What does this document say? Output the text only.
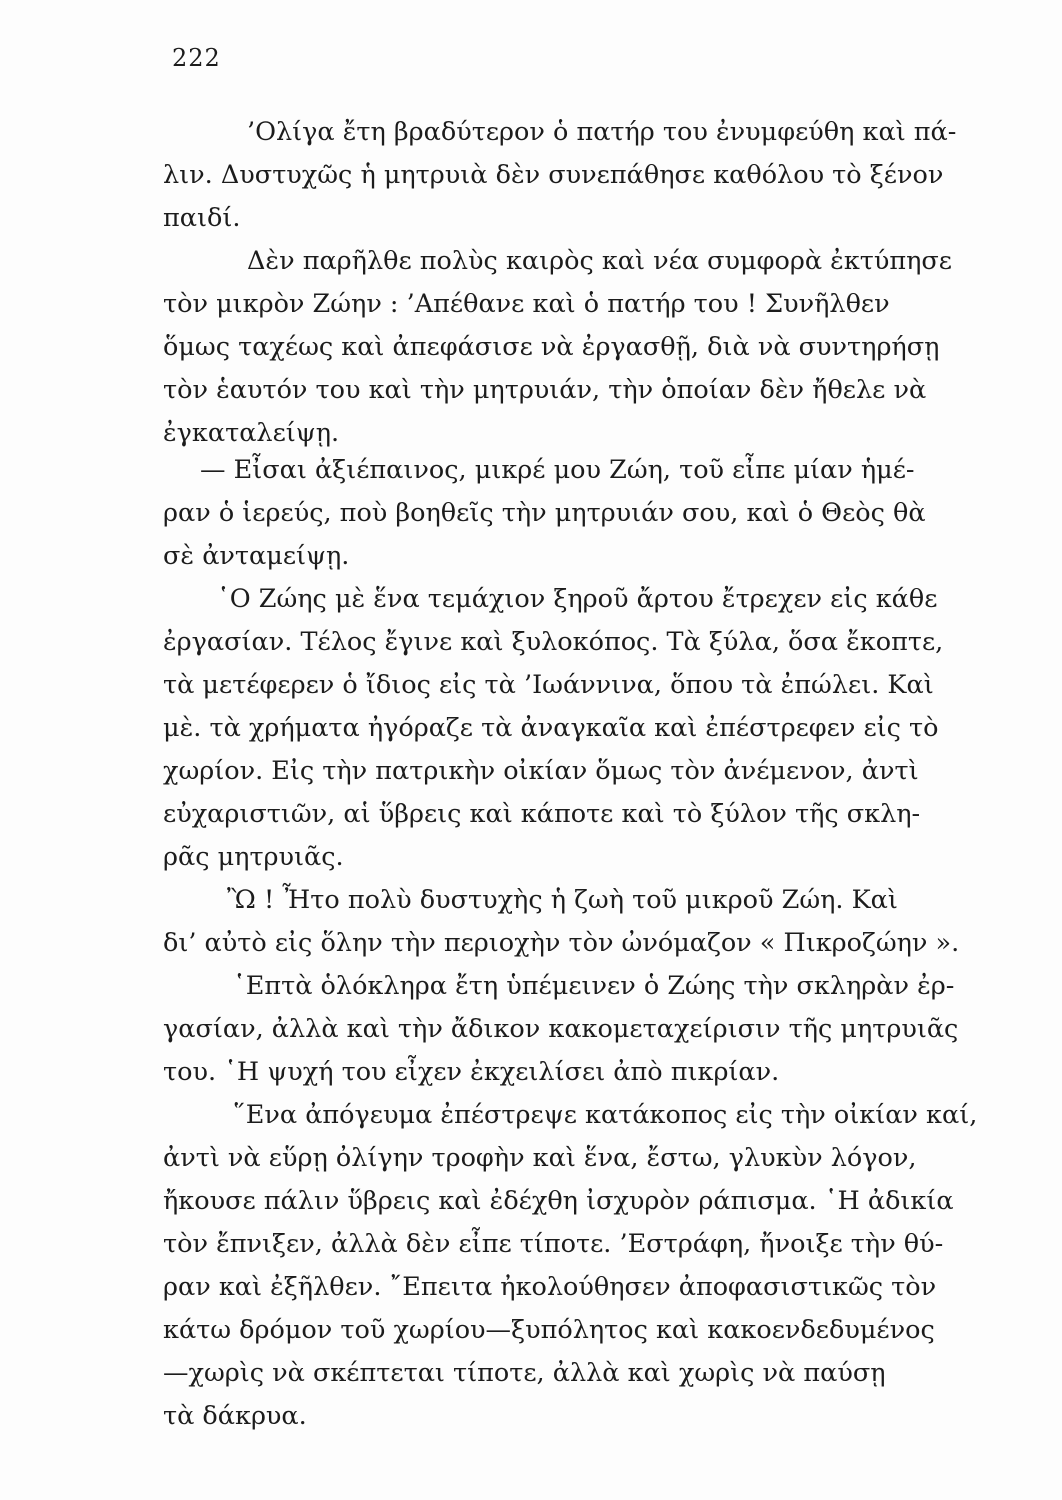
222
’Ολίγα ἔτη βραδύτερον ὁ πατήρ του ἐνυμφεύθη καὶ πά-
λιν. Δυστυχῶς ἡ μητρυιὰ δὲν συνεπάθησε καθόλου τὸ ξένον
παιδί.
Δὲν παρῆλθε πολὺς καιρὸς καὶ νέα συμφορὰ ἐκτύπησε
τὸν μικρὸν Ζώην : ’Απέθανε καὶ ὁ πατήρ του ! Συνῆλθεν
ὅμως ταχέως καὶ ἀπεφάσισε νὰ ἐργασθῇ, διὰ νὰ συντηρήσῃ
τὸν ἑαυτόν του καὶ τὴν μητρυιάν, τὴν ὁποίαν δὲν ἤθελε νὰ
ἐγκαταλείψῃ.
— Εἶσαι ἀξιέπαινος, μικρέ μου Ζώη, τοῦ εἶπε μίαν ἡμέ-
ραν ὁ ἱερεύς, ποὺ βοηθεῖς τὴν μητρυιάν σου, καὶ ὁ Θεὸς θὰ
σὲ ἀνταμείψῃ.
῾Ο Ζώης μὲ ἕνα τεμάχιον ξηροῦ ἄρτου ἔτρεχεν εἰς κάθε
ἐργασίαν. Τέλος ἔγινε καὶ ξυλοκόπος. Τὰ ξύλα, ὅσα ἔκοπτε,
τὰ μετέφερεν ὁ ἴδιος εἰς τὰ ’Ιωάννινα, ὅπου τὰ ἐπώλει. Καὶ
μὲ. τὰ χρήματα ἠγόραζε τὰ ἀναγκαῖα καὶ ἐπέστρεφεν εἰς τὸ
χωρίον. Εἰς τὴν πατρικὴν οἰκίαν ὅμως τὸν ἀνέμενον, ἀντὶ
εὐχαριστιῶν, αἱ ὕβρεις καὶ κάποτε καὶ τὸ ξύλον τῆς σκλη-
ρᾶς μητρυιᾶς.
Ὢ ! Ἦτο πολὺ δυστυχὴς ἡ ζωὴ τοῦ μικροῦ Ζώη. Καὶ
δι’ αὐτὸ εἰς ὅλην τὴν περιοχὴν τὸν ὠνόμαζον « Πικροζώην ».
῾Επτὰ ὁλόκληρα ἔτη ὑπέμεινεν ὁ Ζώης τὴν σκληρὰν ἐρ-
γασίαν, ἀλλὰ καὶ τὴν ἄδικον κακομεταχείρισιν τῆς μητρυιᾶς
του. ῾Η ψυχή του εἶχεν ἐκχειλίσει ἀπὸ πικρίαν.
῞Ενα ἀπόγευμα ἐπέστρεψε κατάκοπος εἰς τὴν οἰκίαν καί,
ἀντὶ νὰ εὕρῃ ὀλίγην τροφὴν καὶ ἕνα, ἔστω, γλυκὺν λόγον,
ἤκουσε πάλιν ὕβρεις καὶ ἐδέχθη ἰσχυρὸν ράπισμα. ῾Η ἀδικία
τὸν ἔπνιξεν, ἀλλὰ δὲν εἶπε τίποτε. ’Εστράφη, ἤνοιξε τὴν θύ-
ραν καὶ ἐξῆλθεν. ῎Επειτα ἠκολούθησεν ἀποφασιστικῶς τὸν
κάτω δρόμον τοῦ χωρίου—ξυπόλητος καὶ κακοενδεδυμένος
—χωρὶς νὰ σκέπτεται τίποτε, ἀλλὰ καὶ χωρὶς νὰ παύσῃ
τὰ δάκρυα.
